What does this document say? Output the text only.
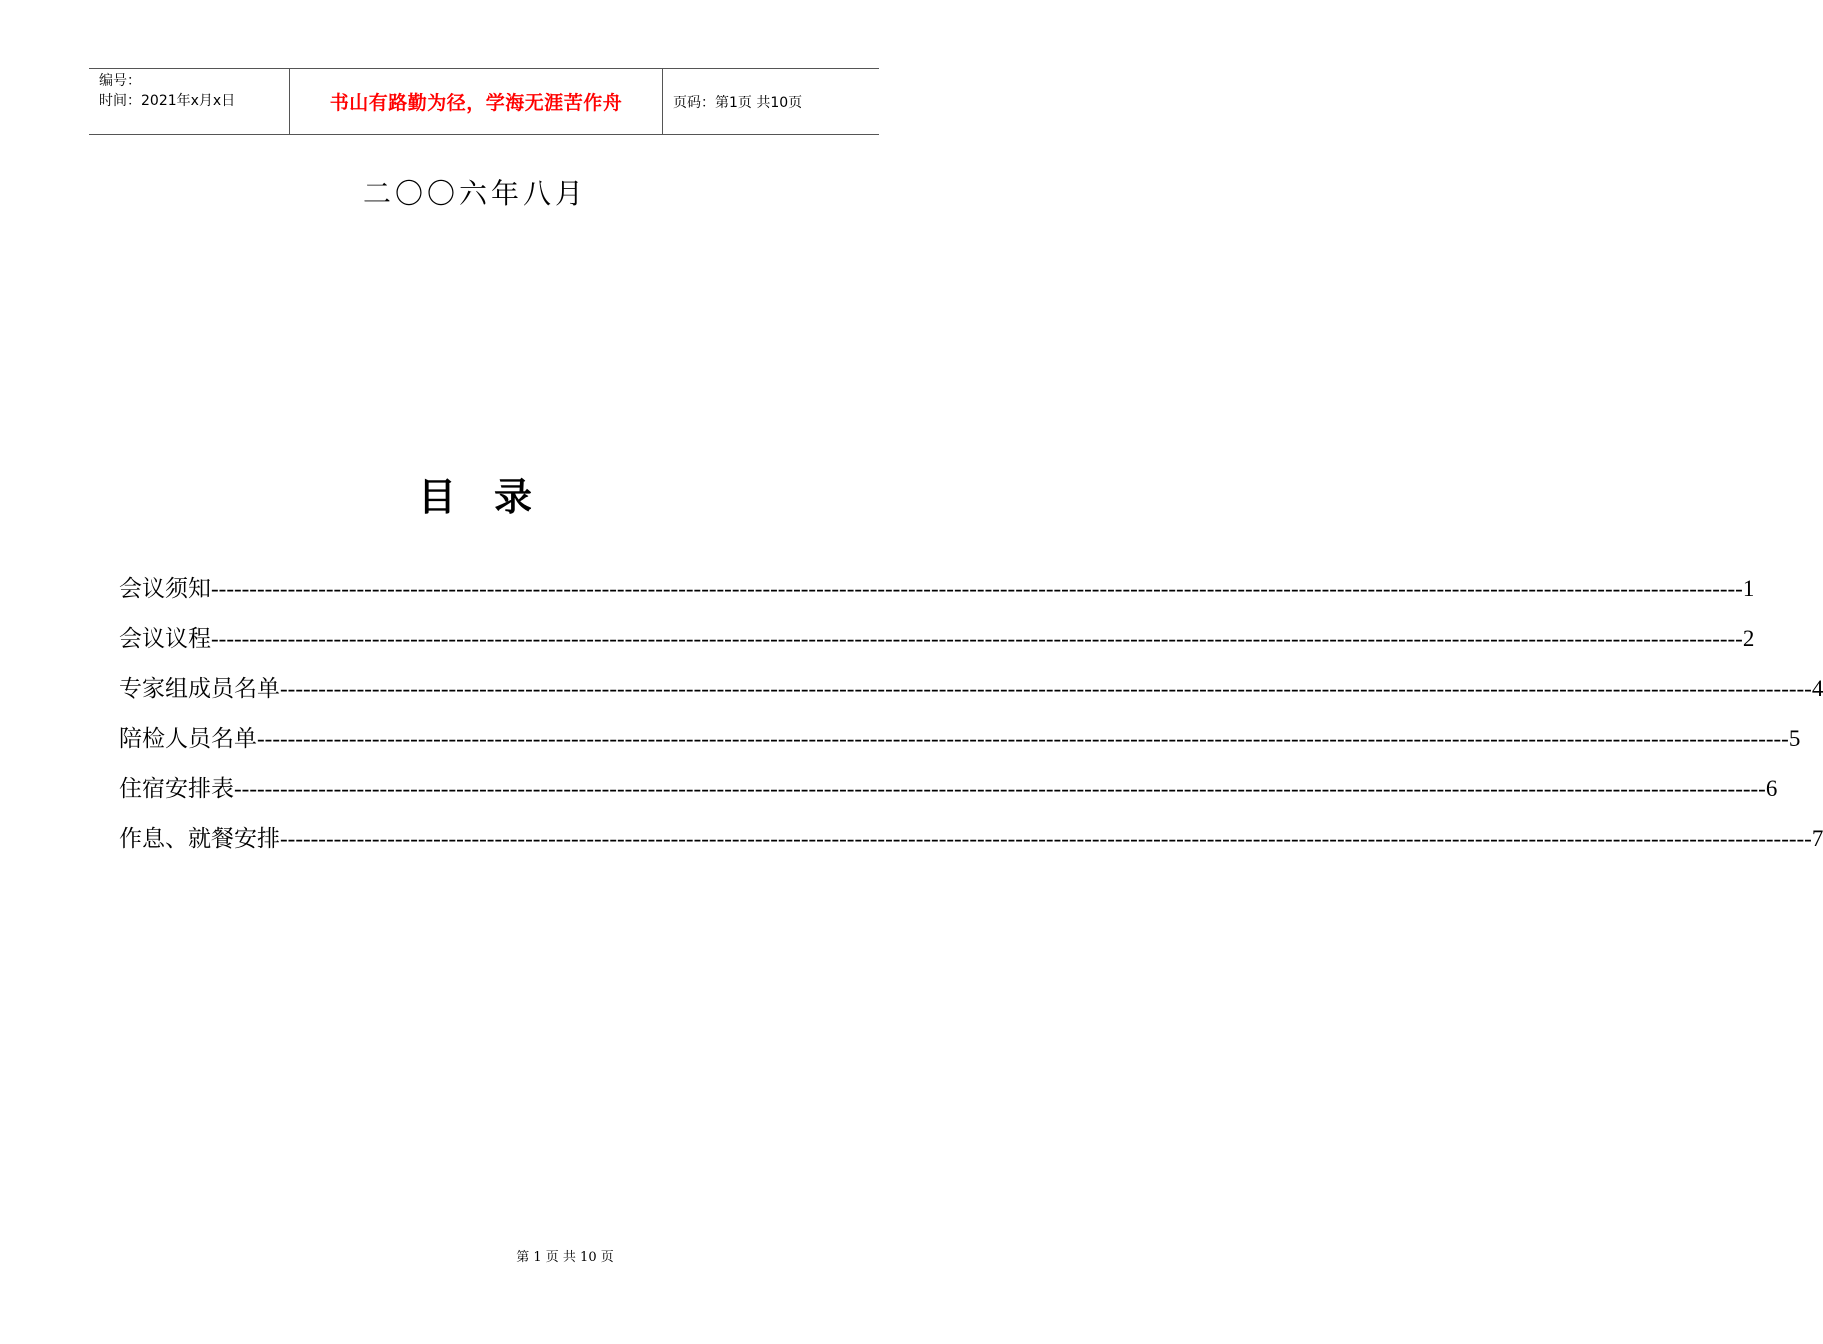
编号：
时间：2021年x月x日	书山有路勤为径，学海无涯苦作舟	页码：第1页 共10页
二〇〇六年八月
目　录
会议须知 -------------------------------------------------------------------------------------------------------------------------------------------------------------------------------------------------------- 1
会议议程 -------------------------------------------------------------------------------------------------------------------------------------------------------------------------------------------------------- 2
专家组成员名单 -------------------------------------------------------------------------------------------------------------------------------------------------------------------------------------------------------- 4
陪检人员名单 -------------------------------------------------------------------------------------------------------------------------------------------------------------------------------------------------------- 5
住宿安排表 -------------------------------------------------------------------------------------------------------------------------------------------------------------------------------------------------------- 6
作息、就餐安排 -------------------------------------------------------------------------------------------------------------------------------------------------------------------------------------------------------- 7
第 1 页 共 10 页
